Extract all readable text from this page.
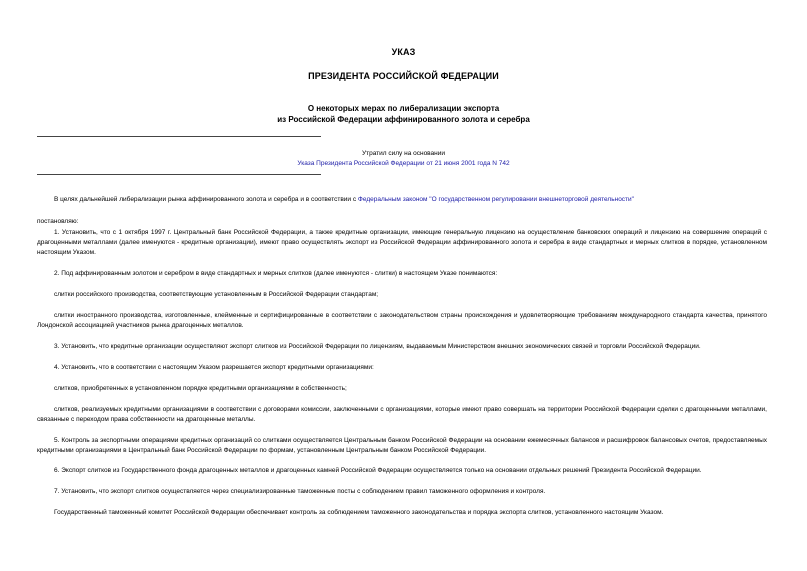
УКАЗ
ПРЕЗИДЕНТА РОССИЙСКОЙ ФЕДЕРАЦИИ
О некоторых мерах по либерализации экспорта
из Российской Федерации аффинированного золота и серебра
Утратил силу на основании
Указа Президента Российской Федерации от 21 июня 2001 года N 742
В целях дальнейшей либерализации рынка аффинированного золота и серебра и в соответствии с Федеральным законом "О государственном регулировании внешнеторговой деятельности"
постановляю:
1. Установить, что с 1 октября 1997 г. Центральный банк Российской Федерации, а также кредитные организации, имеющие генеральную лицензию на осуществление банковских операций и лицензию на совершение операций с драгоценными металлами (далее именуются - кредитные организации), имеют право осуществлять экспорт из Российской Федерации аффинированного золота и серебра в виде стандартных и мерных слитков в порядке, установленном настоящим Указом.
2. Под аффинированным золотом и серебром в виде стандартных и мерных слитков (далее именуются - слитки) в настоящем Указе понимаются:
слитки российского производства, соответствующие установленным в Российской Федерации стандартам;
слитки иностранного производства, изготовленные, клейменные и сертифицированные в соответствии с законодательством страны происхождения и удовлетворяющие требованиям международного стандарта качества, принятого Лондонской ассоциацией участников рынка драгоценных металлов.
3. Установить, что кредитные организации осуществляют экспорт слитков из Российской Федерации по лицензиям, выдаваемым Министерством внешних экономических связей и торговли Российской Федерации.
4. Установить, что в соответствии с настоящим Указом разрешается экспорт кредитными организациями:
слитков, приобретенных в установленном порядке кредитными организациями в собственность;
слитков, реализуемых кредитными организациями в соответствии с договорами комиссии, заключенными с организациями, которые имеют право совершать на территории Российской Федерации сделки с драгоценными металлами, связанные с переходом права собственности на драгоценные металлы.
5. Контроль за экспортными операциями кредитных организаций со слитками осуществляется Центральным банком Российской Федерации на основании ежемесячных балансов и расшифровок балансовых счетов, предоставляемых кредитными организациями в Центральный банк Российской Федерации по формам, установленным Центральным банком Российской Федерации.
6. Экспорт слитков из Государственного фонда драгоценных металлов и драгоценных камней Российской Федерации осуществляется только на основании отдельных решений Президента Российской Федерации.
7. Установить, что экспорт слитков осуществляется через специализированные таможенные посты с соблюдением правил таможенного оформления и контроля.
Государственный таможенный комитет Российской Федерации обеспечивает контроль за соблюдением таможенного законодательства и порядка экспорта слитков, установленного настоящим Указом.
